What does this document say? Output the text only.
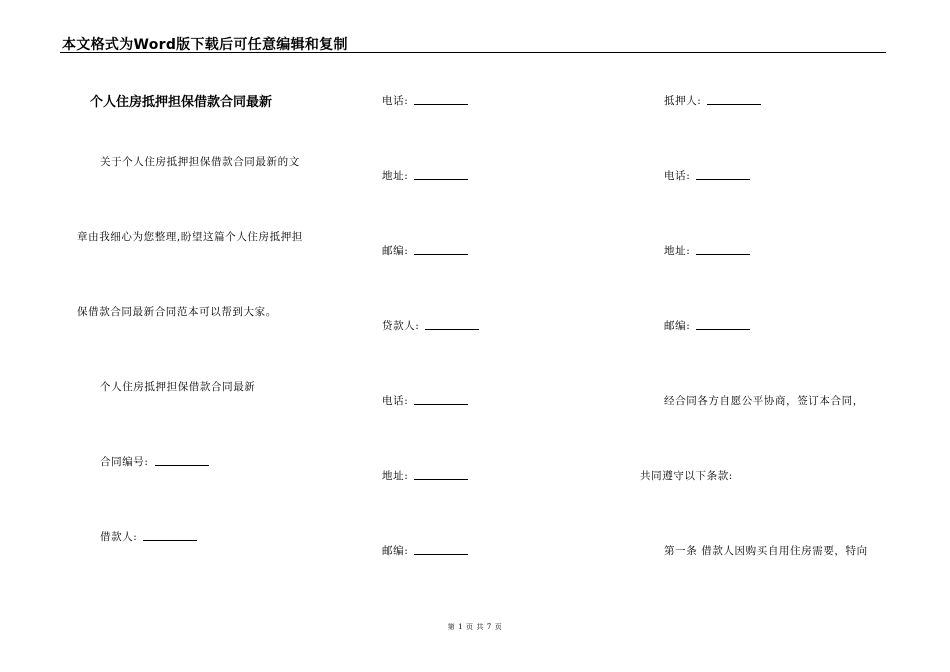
本文格式为Word版下载后可任意编辑和复制
个人住房抵押担保借款合同最新
关于个人住房抵押担保借款合同最新的文
章由我细心为您整理,盼望这篇个人住房抵押担
保借款合同最新合同范本可以帮到大家。
个人住房抵押担保借款合同最新
合同编号:
借款人:
电话:
地址:
邮编:
贷款人:
电话:
地址:
邮编:
抵押人:
电话:
地址:
邮编:
经合同各方自愿公平协商，签订本合同，
共同遵守以下条款:
第一条 借款人因购买自用住房需要，特向
第 1 页 共 7 页
